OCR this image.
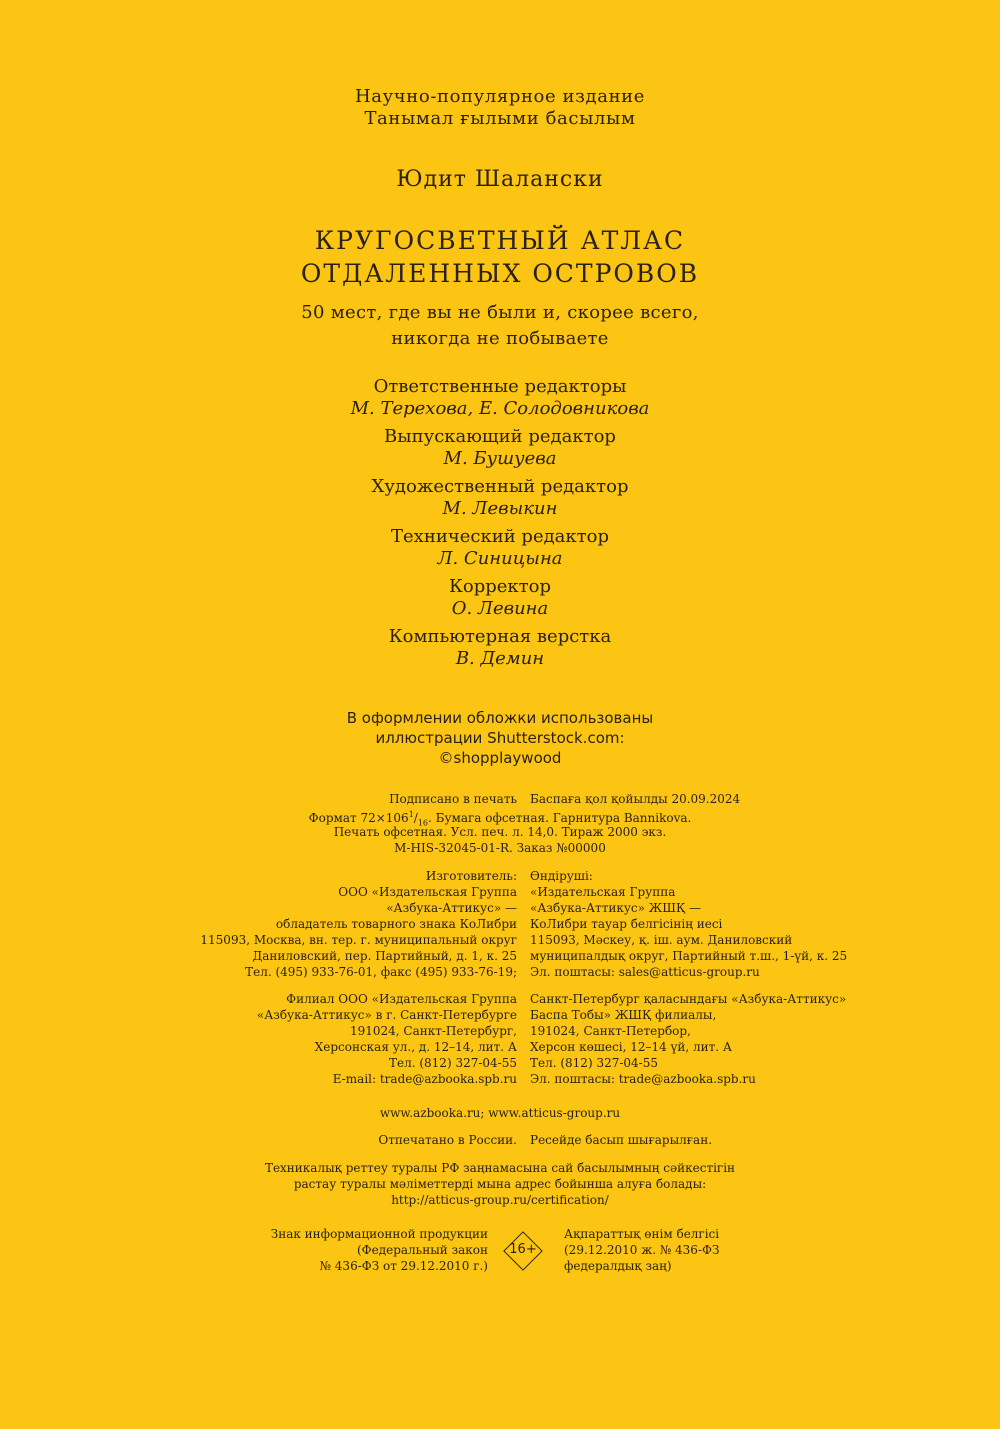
Научно-популярное издание
Танымал ғылыми басылым
Юдит Шалански
КРУГОСВЕТНЫЙ АТЛАС
ОТДАЛЕННЫХ ОСТРОВОВ
50 мест, где вы не были и, скорее всего,
никогда не побываете
Ответственные редакторы
М. Терехова, Е. Солодовникова
Выпускающий редактор
М. Бушуева
Художественный редактор
М. Левыкин
Технический редактор
Л. Синицына
Корректор
О. Левина
Компьютерная верстка
В. Демин
В оформлении обложки использованы
иллюстрации Shutterstock.com:
©shopplaywood
Подписано в печать Баспаға қол қойылды 20.09.2024
Формат $72\times 106^1/_{16}$. Бумага офсетная. Гарнитура Bannikova.
Печать офсетная. Усл. печ. л. 14,0. Тираж 2000 экз.
M-HIS-32045-01-R. Заказ №00000
Изготовитель:
ООО «Издательская Группа
«Азбука-Аттикус» —
обладатель товарного знака КоЛибри
115093, Москва, вн. тер. г. муниципальный округ
Даниловский, пер. Партийный, д. 1, к. 25
Тел. (495) 933-76-01, факс (495) 933-76-19;
Өндіруші:
«Издательская Группа
«Азбука-Аттикус» ЖШҚ —
КоЛибри тауар белгісінің иесі
115093, Мәскеу, қ. іш. аум. Даниловский
муниципалдық округ, Партийный т.ш., 1-үй, к. 25
Эл. поштасы: sales@atticus-group.ru
Филиал ООО «Издательская Группа
«Азбука-Аттикус» в г. Санкт-Петербурге
191024, Санкт-Петербург,
Херсонская ул., д. 12–14, лит. А
Тел. (812) 327-04-55
E-mail: trade@azbooka.spb.ru
Санкт-Петербург қаласындағы «Азбука-Аттикус»
Баспа Тобы» ЖШҚ филиалы,
191024, Санкт-Петербор,
Херсон көшесі, 12–14 үй, лит. А
Тел. (812) 327-04-55
Эл. поштасы: trade@azbooka.spb.ru
www.azbooka.ru; www.atticus-group.ru
Отпечатано в России. Ресейде басып шығарылған.
Техникалық реттеу туралы РФ заңнамасына сай басылымның сәйкестігін
растау туралы мәліметтерді мына адрес бойынша алуға болады:
http://atticus-group.ru/certification/
Знак информационной продукции
(Федеральный закон
№ 436-ФЗ от 29.12.2010 г.)
Ақпараттық өнім белгісі
(29.12.2010 ж. № 436-ФЗ
федералдық заң)
16+
